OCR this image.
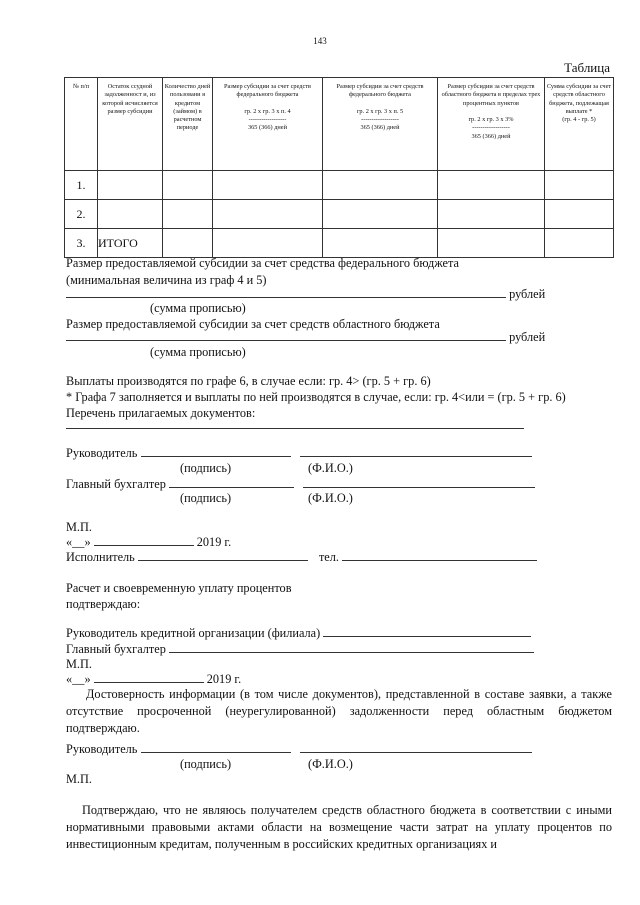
143
Таблица
№ п/п	Остаток ссудной задолженност и, из которой исчисляется размер субсидии	Количество дней пользовани я кредитом (займом) в расчетном периоде	Размер субсидии за счет средств федерального бюджета

гр. 2 х гр. 3 х п. 4
------------------
365 (366) дней	Размер субсидии за счет средств федерального бюджета

гр. 2 х гр. 3 х п. 5
------------------
365 (366) дней	Размер субсидии за счет средств областного бюджета в пределах трех процентных пунктов

гр. 2 х гр. 3 х 3%
------------------
365 (366) дней	Сумма субсидии за счет средств областного бюджета, подлежащая выплате *
(гр. 4 - гр. 5)
1.						
2.						
3.	ИТОГО					
Размер предоставляемой субсидии за счет средства федерального бюджета
(минимальная величина из граф 4 и 5)
рублей
(сумма прописью)
Размер предоставляемой субсидии за счет средств областного бюджета
рублей
(сумма прописью)
Выплаты производятся по графе 6, в случае если: гр. 4> (гр. 5 + гр. 6)
* Графа 7 заполняется и выплаты по ней производятся в случае, если: гр. 4<или = (гр. 5 + гр. 6)
Перечень прилагаемых документов:
Руководитель
(подпись)	(Ф.И.О.)
Главный бухгалтер
(подпись)	(Ф.И.О.)
М.П.
«__»	2019 г.
Исполнитель	тел.
Расчет и своевременную уплату процентов
подтверждаю:
Руководитель кредитной организации (филиала)
Главный бухгалтер
М.П.
«__»	2019 г.

Достоверность информации (в том числе документов), представленной в составе заявки, а также отсутствие просроченной (неурегулированной) задолженности перед областным бюджетом подтверждаю.

Руководитель
(подпись)	(Ф.И.О.)
М.П.

Подтверждаю, что не являюсь получателем средств областного бюджета в соответствии с иными нормативными правовыми актами области на возмещение части затрат на уплату процентов по инвестиционным кредитам, полученным в российских кредитных организациях и
